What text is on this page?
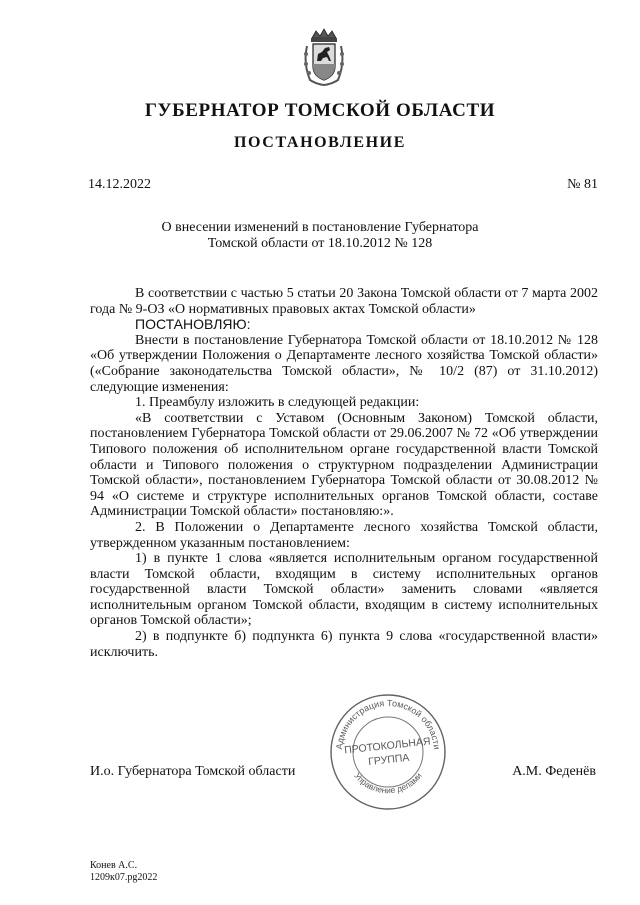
ГУБЕРНАТОР ТОМСКОЙ ОБЛАСТИ
ПОСТАНОВЛЕНИЕ
14.12.2022	№ 81
О внесении изменений в постановление Губернатора
Томской области от 18.10.2012 № 128

В соответствии с частью 5 статьи 20 Закона Томской области от 7 марта 2002 года № 9-ОЗ «О нормативных правовых актах Томской области»

ПОСТАНОВЛЯЮ:

Внести в постановление Губернатора Томской области от 18.10.2012 № 128 «Об утверждении Положения о Департаменте лесного хозяйства Томской области» («Собрание законодательства Томской области», № 10/2 (87) от 31.10.2012) следующие изменения:

1. Преамбулу изложить в следующей редакции:

«В соответствии с Уставом (Основным Законом) Томской области, постановлением Губернатора Томской области от 29.06.2007 № 72 «Об утверждении Типового положения об исполнительном органе государственной власти Томской области и Типового положения о структурном подразделении Администрации Томской области», постановлением Губернатора Томской области от 30.08.2012 № 94 «О системе и структуре исполнительных органов Томской области, составе Администрации Томской области» постановляю:».

2. В Положении о Департаменте лесного хозяйства Томской области, утвержденном указанным постановлением:

1) в пункте 1 слова «является исполнительным органом государственной власти Томской области, входящим в систему исполнительных органов государственной власти Томской области» заменить словами «является исполнительным органом Томской области, входящим в систему исполнительных органов Томской области»;

2) в подпункте б) подпункта 6) пункта 9 слова «государственной власти» исключить.

И.о. Губернатора Томской области	А.М. Феденёв
Администрация Томской области
Управление делами
ПРОТОКОЛЬНАЯ
ГРУППА
Конев А.С.
1209к07.pg2022
